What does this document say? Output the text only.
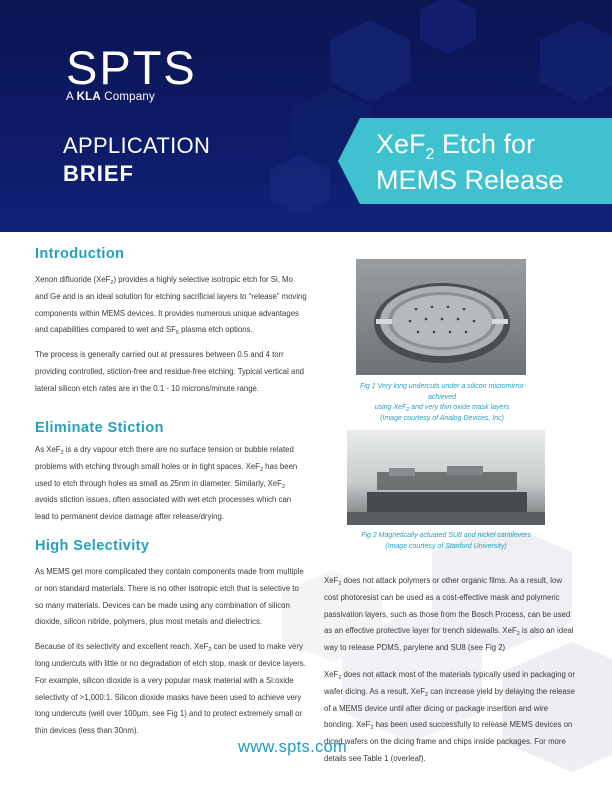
SPTS
A KLA Company
APPLICATION
BRIEF
XeF$_2$ Etch for
MEMS Release
Introduction
Xenon difluoride (XeF$_2$) provides a highly selective isotropic etch for Si, Mo and Ge and is an ideal solution for etching sacrificial layers to “release” moving components within MEMS devices. It provides numerous unique advantages and capabilities compared to wet and $SF_6$ plasma etch options.
The process is generally carried out at pressures between 0.5 and 4 torr providing controlled, stiction-free and residue-free etching. Typical vertical and lateral silicon etch rates are in the 0.1 - 10 microns/minute range.
Eliminate Stiction
As XeF$_2$ is a dry vapour etch there are no surface tension or bubble related problems with etching through small holes or in tight spaces. XeF$_2$ has been used to etch through holes as small as 25nm in diameter. Similarly, XeF$_2$ avoids stiction issues, often associated with wet etch processes which can lead to permanent device damage after release/drying.
High Selectivity
As MEMS get more complicated they contain components made from multiple or non standard materials. There is no other isotropic etch that is selective to so many materials. Devices can be made using any combination of silicon dioxide, silicon nitride, polymers, plus most metals and dielectrics.
Because of its selectivity and excellent reach, XeF$_2$ can be used to make very long undercuts with little or no degradation of etch stop, mask or device layers. For example, silicon dioxide is a very popular mask material with a Si:oxide selectivity of >1,000:1. Silicon dioxide masks have been used to achieve very long undercuts (well over 100µm, see Fig 1) and to protect extremely small or thin devices (less than 30nm).
Fig 1 Very long undercuts under a silicon micromirror achieved
using XeF$_2$ and very thin oxide mask layers
(Image courtesy of Analog Devices, Inc)
Fig 2 Magnetically actuated SU8 and nickel cantilevers
(Image courtesy of Stanford University)
XeF$_2$ does not attack polymers or other organic films. As a result, low cost photoresist can be used as a cost-effective mask and polymeric passivation layers, such as those from the Bosch Process, can be used as an effective protective layer for trench sidewalls. XeF$_2$ is also an ideal way to release PDMS, parylene and SU8 (see Fig 2)
XeF$_2$ does not attack most of the materials typically used in packaging or wafer dicing. As a result, XeF$_2$ can increase yield by delaying the release of a MEMS device until after dicing or package insertion and wire bonding. XeF$_2$ has been used successfully to release MEMS devices on diced wafers on the dicing frame and chips inside packages. For more details see Table 1 (overleaf).
www.spts.com
